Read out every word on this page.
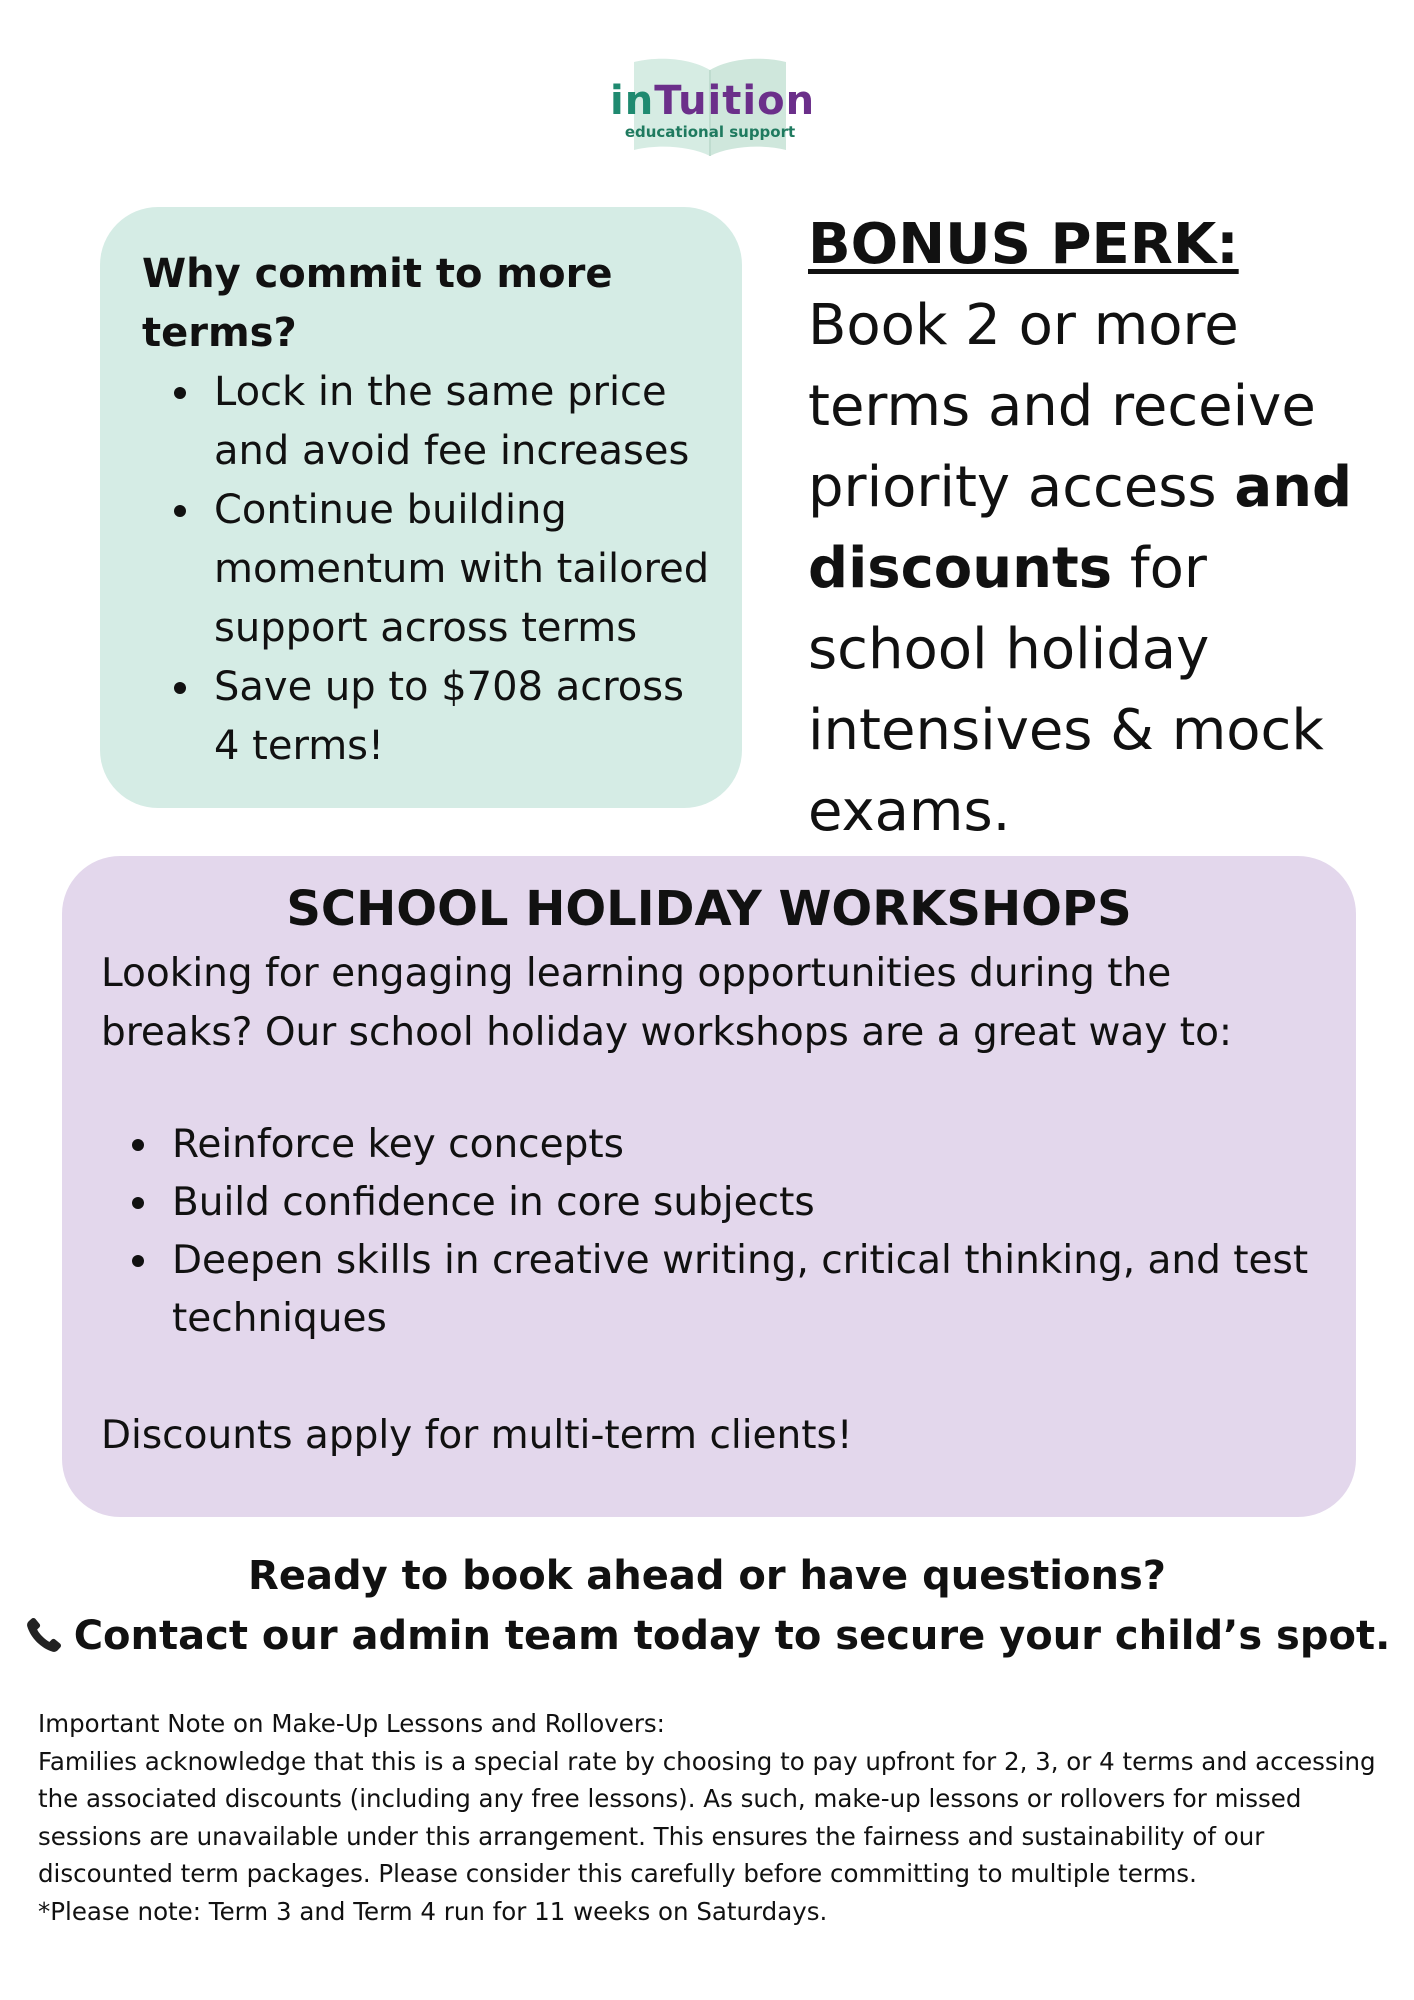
inTuition
educational support
Why commit to more terms?
Lock in the same price and avoid fee increases
Continue building momentum with tailored support across terms
Save up to $708 across 4 terms!
BONUS PERK: Book 2 or more terms and receive priority access and discounts for school holiday intensives & mock exams.
SCHOOL HOLIDAY WORKSHOPS
Looking for engaging learning opportunities during the breaks? Our school holiday workshops are a great way to:
Reinforce key concepts
Build confidence in core subjects
Deepen skills in creative writing, critical thinking, and test techniques
Discounts apply for multi-term clients!
Ready to book ahead or have questions?
Contact our admin team today to secure your child’s spot.

Important Note on Make-Up Lessons and Rollovers:

Families acknowledge that this is a special rate by choosing to pay upfront for 2, 3, or 4 terms and accessing the associated discounts (including any free lessons). As such, make-up lessons or rollovers for missed sessions are unavailable under this arrangement. This ensures the fairness and sustainability of our discounted term packages. Please consider this carefully before committing to multiple terms.

*Please note: Term 3 and Term 4 run for 11 weeks on Saturdays.
